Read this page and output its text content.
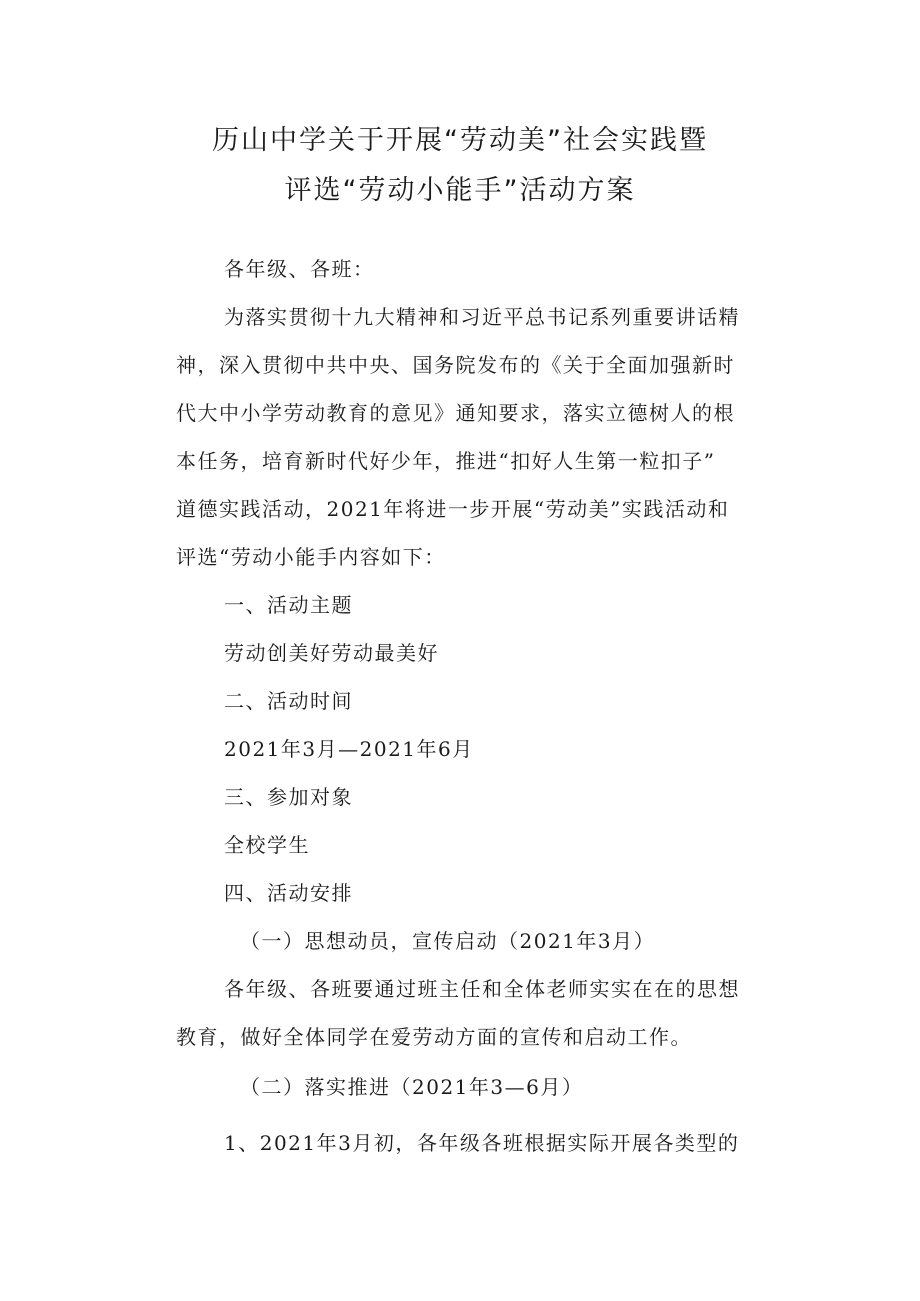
历山中学关于开展“劳动美”社会实践暨
评选“劳动小能手”活动方案
各年级、各班：
为落实贯彻十九大精神和习近平总书记系列重要讲话精
神，深入贯彻中共中央、国务院发布的《关于全面加强新时
代大中小学劳动教育的意见》通知要求，落实立德树人的根
本任务，培育新时代好少年，推进“扣好人生第一粒扣子”
道德实践活动，2021年将进一步开展“劳动美”实践活动和
评选“劳动小能手内容如下：
一、活动主题
劳动创美好劳动最美好
二、活动时间
2021年3月—2021年6月
三、参加对象
全校学生
四、活动安排
（一）思想动员，宣传启动（2021年3月）
各年级、各班要通过班主任和全体老师实实在在的思想
教育，做好全体同学在爱劳动方面的宣传和启动工作。
（二）落实推进（2021年3—6月）
1、2021年3月初，各年级各班根据实际开展各类型的
